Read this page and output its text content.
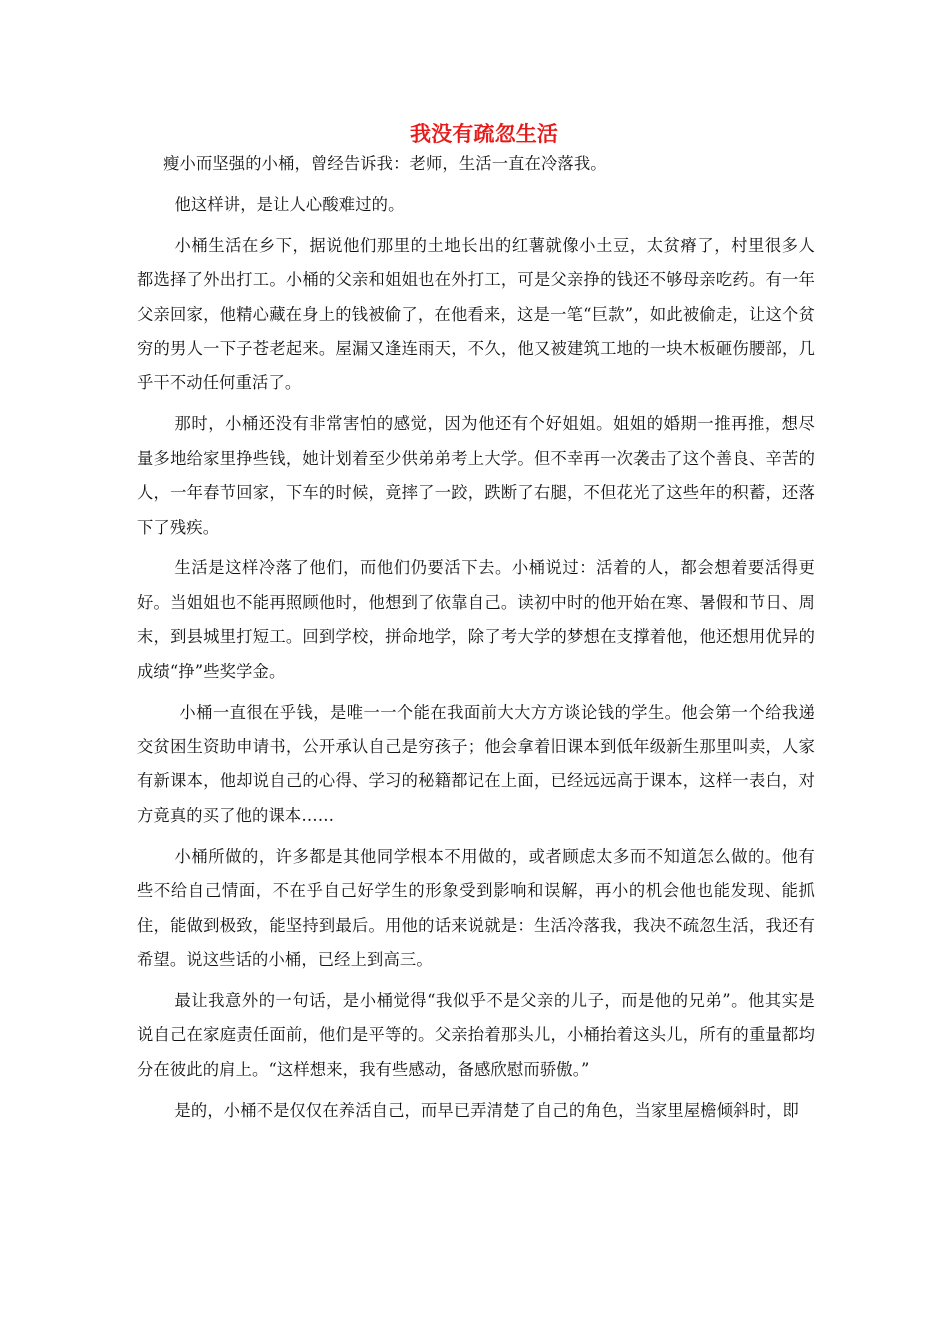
我没有疏忽生活

瘦小而坚强的小桶，曾经告诉我：老师，生活一直在冷落我。

他这样讲，是让人心酸难过的。

小桶生活在乡下，据说他们那里的土地长出的红薯就像小土豆，太贫瘠了，村里很多人都选择了外出打工。小桶的父亲和姐姐也在外打工，可是父亲挣的钱还不够母亲吃药。有一年父亲回家，他精心藏在身上的钱被偷了，在他看来，这是一笔“巨款”，如此被偷走，让这个贫穷的男人一下子苍老起来。屋漏又逢连雨天，不久，他又被建筑工地的一块木板砸伤腰部，几乎干不动任何重活了。

那时，小桶还没有非常害怕的感觉，因为他还有个好姐姐。姐姐的婚期一推再推，想尽量多地给家里挣些钱，她计划着至少供弟弟考上大学。但不幸再一次袭击了这个善良、辛苦的人，一年春节回家，下车的时候，竟摔了一跤，跌断了右腿，不但花光了这些年的积蓄，还落下了残疾。

生活是这样冷落了他们，而他们仍要活下去。小桶说过：活着的人，都会想着要活得更好。当姐姐也不能再照顾他时，他想到了依靠自己。读初中时的他开始在寒、暑假和节日、周末，到县城里打短工。回到学校，拼命地学，除了考大学的梦想在支撑着他，他还想用优异的成绩“挣”些奖学金。

小桶一直很在乎钱，是唯一一个能在我面前大大方方谈论钱的学生。他会第一个给我递交贫困生资助申请书，公开承认自己是穷孩子；他会拿着旧课本到低年级新生那里叫卖，人家有新课本，他却说自己的心得、学习的秘籍都记在上面，已经远远高于课本，这样一表白，对方竟真的买了他的课本……

小桶所做的，许多都是其他同学根本不用做的，或者顾虑太多而不知道怎么做的。他有些不给自己情面，不在乎自己好学生的形象受到影响和误解，再小的机会他也能发现、能抓住，能做到极致，能坚持到最后。用他的话来说就是：生活冷落我，我决不疏忽生活，我还有希望。说这些话的小桶，已经上到高三。

最让我意外的一句话，是小桶觉得“我似乎不是父亲的儿子，而是他的兄弟”。他其实是说自己在家庭责任面前，他们是平等的。父亲抬着那头儿，小桶抬着这头儿，所有的重量都均分在彼此的肩上。“这样想来，我有些感动，备感欣慰而骄傲。”

是的，小桶不是仅仅在养活自己，而早已弄清楚了自己的角色，当家里屋檐倾斜时，即
